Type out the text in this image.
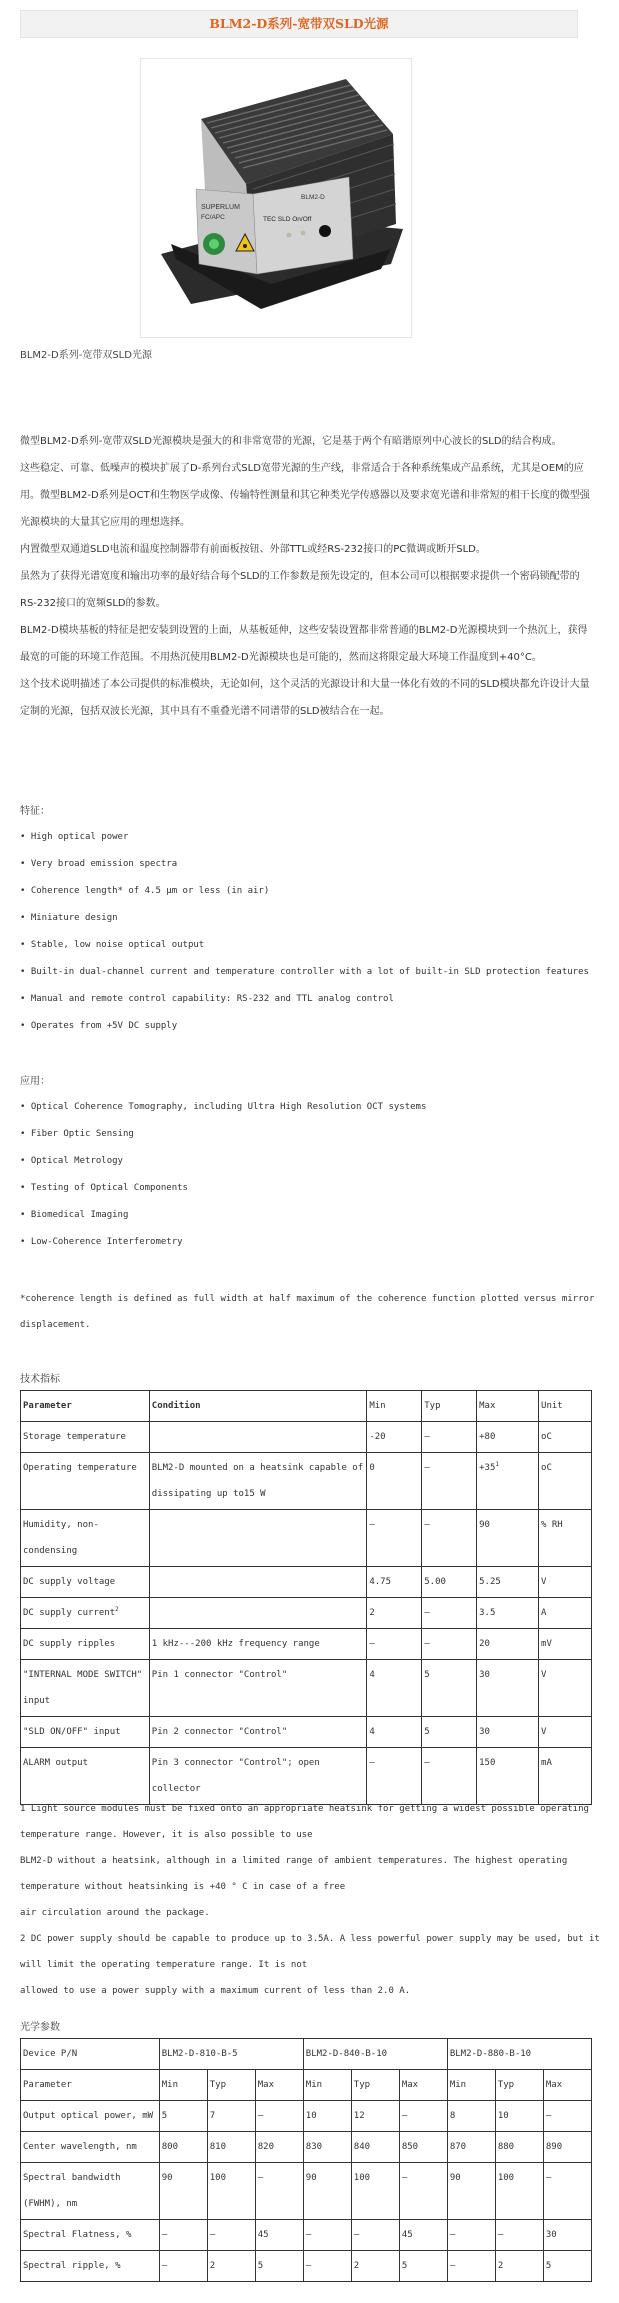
BLM2-D系列-宽带双SLD光源
SUPERLUM
FC/APC
BLM2-D
TEC SLD On/Off
BLM2-D系列-宽带双SLD光源

微型BLM2-D系列-宽带双SLD光源模块是强大的和非常宽带的光源，它是基于两个有暗谐原列中心波长的SLD的结合构成。

这些稳定、可靠、低噪声的模块扩展了D-系列台式SLD宽带光源的生产线，非常适合于各种系统集成产品系统，尤其是OEM的应用。微型BLM2-D系列是OCT和生物医学成像、传输特性测量和其它种类光学传感器以及要求宽光谱和非常短的相干长度的微型强光源模块的大量其它应用的理想选择。

内置微型双通道SLD电流和温度控制器带有前面板按钮、外部TTL或经RS-232接口的PC微调或断开SLD。

虽然为了获得光谱宽度和输出功率的最好结合每个SLD的工作参数是预先设定的，但本公司可以根据要求提供一个密码锁配带的RS-232接口的宽频SLD的参数。

BLM2-D模块基板的特征是把安装到设置的上面，从基板延伸，这些安装设置都非常普通的BLM2-D光源模块到一个热沉上，获得最宽的可能的环境工作范围。不用热沉使用BLM2-D光源模块也是可能的，然而这将限定最大环境工作温度到+40°C。

这个技术说明描述了本公司提供的标准模块，无论如何，这个灵活的光源设计和大量一体化有效的不同的SLD模块都允许设计大量定制的光源，包括双波长光源，其中具有不重叠光谱不同谱带的SLD被结合在一起。

特征：
• High optical power
• Very broad emission spectra
• Coherence length* of 4.5 μm or less (in air)
• Miniature design
• Stable, low noise optical output
• Built-in dual-channel current and temperature controller with a lot of built-in SLD protection features
• Manual and remote control capability: RS-232 and TTL analog control
• Operates from +5V DC supply
应用：
• Optical Coherence Tomography, including Ultra High Resolution OCT systems
• Fiber Optic Sensing
• Optical Metrology
• Testing of Optical Components
• Biomedical Imaging
• Low-Coherence Interferometry
*coherence length is defined as full width at half maximum of the coherence function plotted versus mirror displacement.
技术指标
Parameter	Condition	Min	Typ	Max	Unit
Storage temperature		-20	–	+80	oC
Operating temperature	BLM2-D mounted on a heatsink capable of dissipating up to15 W	0	–	$+35^1$	oC
Humidity, non-condensing		–	–	90	% RH
DC supply voltage		4.75	5.00	5.25	V
DC supply current$^2$		2	–	3.5	A
DC supply ripples	1 kHz---200 kHz frequency range	–	–	20	mV
"INTERNAL MODE SWITCH" input	Pin 1 connector "Control"	4	5	30	V
"SLD ON/OFF" input	Pin 2 connector "Control"	4	5	30	V
ALARM output	Pin 3 connector "Control"; open collector	–	–	150	mA

1 Light source modules must be fixed onto an appropriate heatsink for getting a widest possible operating temperature range. However, it is also possible to use

BLM2-D without a heatsink, although in a limited range of ambient temperatures. The highest operating temperature without heatsinking is +40 ° C in case of a free

air circulation around the package.

2 DC power supply should be capable to produce up to 3.5A. A less powerful power supply may be used, but it will limit the operating temperature range. It is not

allowed to use a power supply with a maximum current of less than 2.0 A.

光学参数
Device P/N	BLM2-D-810-B-5			BLM2-D-840-B-10			BLM2-D-880-B-10		
Parameter	Min	Typ	Max	Min	Typ	Max	Min	Typ	Max
Output optical power, mW	5	7	–	10	12	–	8	10	–
Center wavelength, nm	800	810	820	830	840	850	870	880	890
Spectral bandwidth (FWHM), nm	90	100	–	90	100	–	90	100	–
Spectral Flatness, %	–	–	45	–	–	45	–	–	30
Spectral ripple, %	–	2	5	–	2	5	–	2	5
